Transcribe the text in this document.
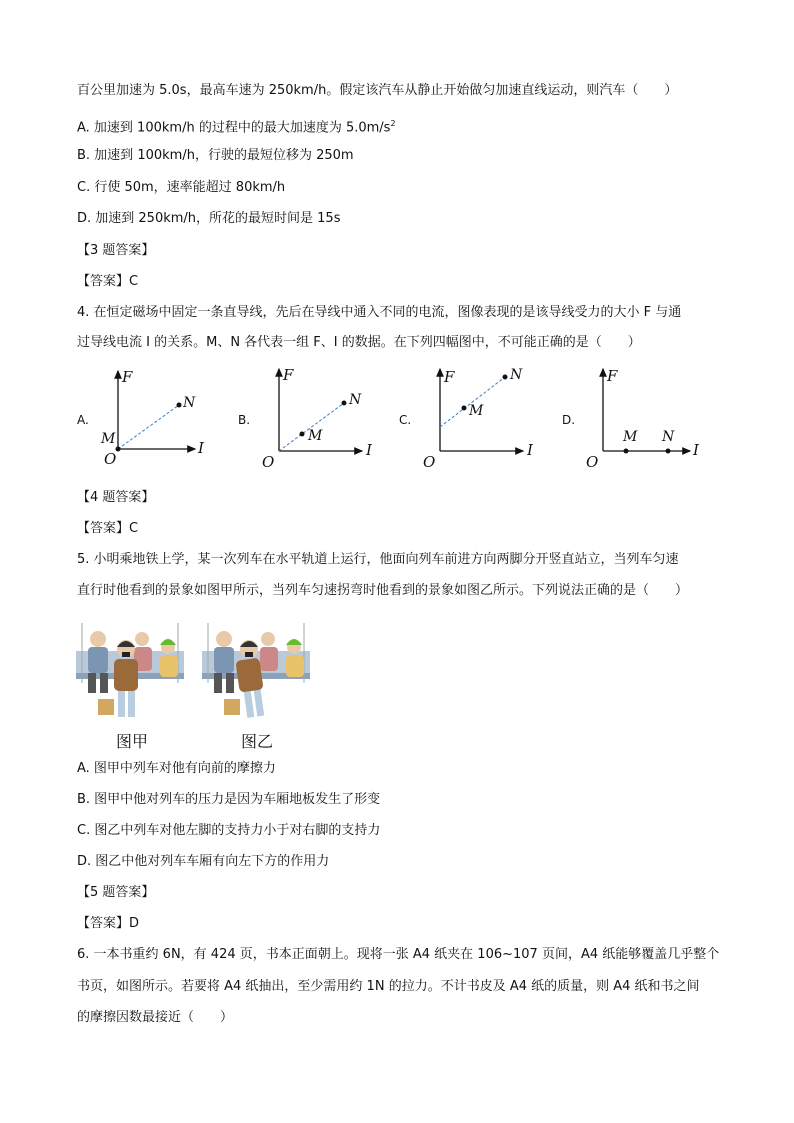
百公里加速为 5.0s，最高车速为 250km/h。假定该汽车从静止开始做匀加速直线运动，则汽车（　　）
A. 加速到 100km/h 的过程中的最大加速度为 $5.0m/s^2$
B. 加速到 100km/h，行驶的最短位移为 250m
C. 行使 50m，速率能超过 80km/h
D. 加速到 250km/h，所花的最短时间是 15s
【3 题答案】
【答案】C
4. 在恒定磁场中固定一条直导线，先后在导线中通入不同的电流，图像表现的是该导线受力的大小 F 与通
过导线电流 I 的关系。M、N 各代表一组 F、I 的数据。在下列四幅图中，不可能正确的是（　　）
A.
F
I
O
M
N
B.
F
I
O
M
N
C.
F
I
O
M
N
D.
F
I
O
M N
【4 题答案】
【答案】C
5. 小明乘地铁上学，某一次列车在水平轨道上运行，他面向列车前进方向两脚分开竖直站立，当列车匀速
直行时他看到的景象如图甲所示，当列车匀速拐弯时他看到的景象如图乙所示。下列说法正确的是（　　）
图甲	图乙
A. 图甲中列车对他有向前的摩擦力
B. 图甲中他对列车的压力是因为车厢地板发生了形变
C. 图乙中列车对他左脚的支持力小于对右脚的支持力
D. 图乙中他对列车车厢有向左下方的作用力
【5 题答案】
【答案】D
6. 一本书重约 6N，有 424 页，书本正面朝上。现将一张 A4 纸夹在 106~107 页间，A4 纸能够覆盖几乎整个
书页，如图所示。若要将 A4 纸抽出，至少需用约 1N 的拉力。不计书皮及 A4 纸的质量，则 A4 纸和书之间
的摩擦因数最接近（　　）
